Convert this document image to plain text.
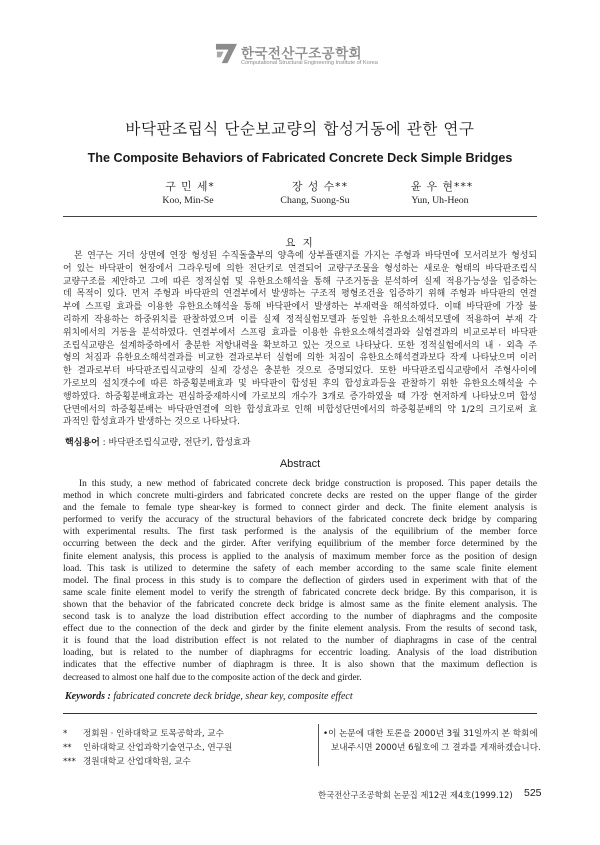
한국전산구조공학회
Computational Structural Engineering Institute of Korea
바닥판조립식 단순보교량의 합성거동에 관한 연구
The Composite Behaviors of Fabricated Concrete Deck Simple Bridges
구 민 세*	장 성 수**	윤 우 현***
Koo, Min-Se	Chang, Suong-Su	Yun, Uh-Heon
요 지
본 연구는 거더 상면에 연장 형성된 수직돌출부의 양측에 상부플랜지를 가지는 주형과 바닥면에 모서리보가 형성되
어 있는 바닥판이 현장에서 그라우팅에 의한 전단키로 연결되어 교량구조물을 형성하는 새로운 형태의 바닥판조립식
교량구조를 제안하고 그에 따른 정적실험 및 유한요소해석을 통해 구조거동을 분석하여 실제 적용가능성을 입증하는
데 목적이 있다. 먼저 주형과 바닥판의 연결부에서 발생하는 구조적 평형조건을 입증하기 위해 주형과 바닥판의 연결
부에 스프링 효과를 이용한 유한요소해석을 통해 바닥판에서 발생하는 부재력을 해석하였다. 이때 바닥판에 가장 불
리하게 작용하는 하중위치를 판찰하였으며 이를 실제 정적실험모델과 동일한 유한요소해석모델에 적용하여 부재 각
위치에서의 거동을 분석하였다. 연결부에서 스프링 효과를 이용한 유한요소해석결과와 실험결과의 비교로부터 바닥판
조립식교량은 설계하중하에서 충분한 저항내력을 확보하고 있는 것으로 나타났다. 또한 정적실험에서의 내 · 외측 주
형의 처짐과 유한요소해석결과를 비교한 결과로부터 실험에 의한 처짐이 유한요소해석결과보다 작게 나타났으며 이러
한 결과로부터 바닥판조립식교량의 실제 강성은 충분한 것으로 증명되었다. 또한 바닥판조립식교량에서 주형사이에
가로보의 설치갯수에 따른 하중횡분배효과 및 바닥판이 합성된 후의 합성효과등을 관찰하기 위한 유한요소해석을 수
행하였다. 하중횡분배효과는 편심하중재하시에 가로보의 개수가 3개로 증가하였을 때 가장 현저하게 나타났으며 합성
단면에서의 하중횡분배는 바닥판연결에 의한 합성효과로 인해 비합성단면에서의 하중횡분배의 약 1/2의 크기로써 효
과적인 합성효과가 발생하는 것으로 나타났다.
핵심용어 : 바닥판조립식교량, 전단키, 합성효과
Abstract
In this study, a new method of fabricated concrete deck bridge construction is proposed. This paper details the
method in which concrete multi-girders and fabricated concrete decks are rested on the upper flange of the girder
and the female to female type shear-key is formed to connect girder and deck. The finite element analysis is
performed to verify the accuracy of the structural behaviors of the fabricated concrete deck bridge by comparing
with experimental results. The first task performed is the analysis of the equilibrium of the member force
occurring between the deck and the girder. After verifying equilibrium of the member force determined by the
finite element analysis, this process is applied to the analysis of maximum member force as the position of design
load. This task is utilized to determine the safety of each member according to the same scale finite element
model. The final process in this study is to compare the deflection of girders used in experiment with that of the
same scale finite element model to verify the strength of fabricated concrete deck bridge. By this comparison, it is
shown that the behavior of the fabricated concrete deck bridge is almost same as the finite element analysis. The
second task is to analyze the load distribution effect according to the number of diaphragms and the composite
effect due to the connection of the deck and girder by the finite element analysis. From the results of second task,
it is found that the load distribution effect is not related to the number of diaphragms in case of the central
loading, but is related to the number of diaphragms for eccentric loading. Analysis of the load distribution
indicates that the effective number of diaphragm is three. It is also shown that the maximum deflection is
decreased to almost one half due to the composite action of the deck and girder.
Keywords : fabricated concrete deck bridge, shear key, composite effect
* 정회원 · 인하대학교 토목공학과, 교수
** 인하대학교 산업과학기술연구소, 연구원
*** 경원대학교 산업대학원, 교수
•이 논문에 대한 토론을 2000년 3월 31일까지 본 학회에
보내주시면 2000년 6월호에 그 결과를 게재하겠습니다.
한국전산구조공학회 논문집 제12권 제4호(1999.12) 525
